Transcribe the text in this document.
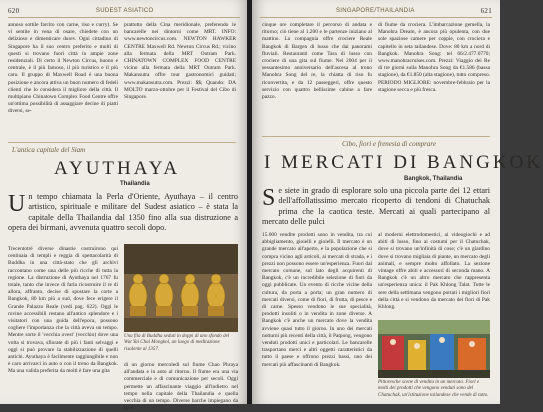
620	SUDEST ASIATICO

annoso sottile farcito con carne, riso e curry). Se vi sentite in vena di osare, chiedete con un delizioso e dimenticare durev. Ogni cittadino di Singapore ha il suo centro preferito e molti di questi si trovano fuori città in ampie zone residenziali. Di certo il Newton Circus, buono e centrale, è il più famoso, il più turistico e il più caro. Il gruppo di Maxwell Road è una buona posizione e ancora attiva un buon numero di fedeli clienti che lo considera il migliore della città. Il multipiano Chinatown Complex Food Centre offre un'ottima possibilità di assaggiare decine di piatti diversi, se-

prattutto della Cina meridionale, preferendo le bancarelle nei dintorni come MRT. INFO: www.newtoncircus.com. NEWTON HAWKER CENTRE Maxwell Rd. Newton Circus Rd.; vicino alla fermata della MRT Outram Park. CHINATOWN COMPLEX FOOD CENTRE vicino alla fermata della MRT Outram Park. Makansutra offre tour gastronomici guidati; www.makansutra.com. Prezzi: $$; Quando: DA MOLTO marzo-ottobre per il Festival del Cibo di Singapore.

L'antica capitale del Siam
AYUTHAYA
Thailandia
Un tempo chiamata la Perla d'Oriente, Ayuthaya – il centro artistico, spirituale e militare del Sudest asiatico – è stata la capitale della Thailandia dal 1350 fino alla sua distruzione a opera dei birmani, avvenuta quattro secoli dopo.

Trecentotré diverse dinastie costruirono qui centinaia di templi e reggia di spettacolarità di Buddha in una città-stato che gli archivi raccontano come una delle più ricche di tutta la regione. La distruzione di Ayuthaya nel 1767 fu totale, tanto che invece di farla ricostruire il re di allora, affranto, decise di spostare la corte a Bangkok, 80 km più a sud, dove fece erigere il Grande Palazzo Reale (vedi pag. 622). Oggi le rovine accessibili restano all'antico splendore e i visitatori con una guida dell'epoca, possono cogliere l'importanza che la città aveva un tempo. Mentre sorte il 'vecchia ovest' (vecchio) dove una volta si trovava, sfiorate di più i fanti selvaggi e oggi si può provare la stabilizzazione di quelli antichi. Ayuthaya è facilmente raggiungibile e non è caro arrivarci in auto o con il treno da Bangkok. Ma una valida preferita da molti è fare una gita

Una fila di Buddha seduti in doppi di uno sfondo del Wat Yai Chai Mongkol, un luogo di meditazione risalente al 1357.

di un giorno mercoledì sul fiume Chao Phraya all'andata e in auto al ritorno. Il fiume era una via commerciale e di comunicazione per secoli. Oggi permette un affascinante viaggio all'indietro nel tempo nella capitale della Thailandia e quella vecchia di un tempo. Diverse barche impiegano da tre a

SINGAPORE/THAILANDIA	621

cinque ore completare il percorso di andata e ritorno; ciò tiene al 1.200 e le partenze iniziano al mattino. La compagnia offre crociere Reale Bangkok di Bargen di lusso che dai panorami fluviali. Restauranti come Tara di lusso con crociere di una gita sul fiume. Nel 2004 per il sessantesimo anniversario dell'ascesa al trono Manohra Song del re, la chiatta di riso fu riconvertita, e da 12 passeggeri, offre questo servizio con quattro bellissime cabine a fare pazzo.

di fiume da crociera. L'imbarcazione gemella, la Manohra Dream, è ancora più opulenta, con due sole spaziose camere per coppie, con crociera e capitello in seta tailandese. Dove: 80 km a nord di Bangkok. Manohra Song: tel 66/2.477.0770; www.manohracruises.com. Prezzi: Viaggio dei Re di tre giorni sulla Manohra Song da €1.586 (bassa stagione), da €1.850 (alta stagione), tutto compreso. PERIODO MIGLIORE: novembre-febbraio per la stagione secca e più fresca.

Cibo, fiori e frenesia di comprare
I MERCATI DI BANGKOK
Bangkok, Thailandia
Se siete in grado di esplorare solo una piccola parte dei 12 ettari dell'affollatissimo mercato ricoperto di tendoni di Chatuchak prima che la caotica teste. Mercati ai quali partecipano al mercato delle pulci

15.000 vendite prodotti sono in vendita, tra cui abbigliamento, gioielli e gioielli. Il mercato è un grande mercato all'aperto, e la popolazione che si compra vicino agli articoli, ai mercati di strada, e i prezzi non possono essere un'esperienza. Fuori dal mercato comune, sul lato degli acquirenti di Bangkok, c'è un incredibile selezione di fiori da oggi pubblicate. Un evento di ricche vicine della cultura, da porta a porta; un gran numero di mercati diversi, come di fiori, di frutta, di pesce e di carne. Spesso vendono le sue specialità, prodotti insoliti o in vendita in zone diverse. A Bangkok c'è anche un mercato dove la vendita avviene quasi tutto il giorno. In uno dei mercati notturni più recenti della città, il Patpong, vengono venduti prodotti unici e particolari. Le bancarelle trasportano merci e altri oggetti caratteristici da tutto il paese e offrono prezzi bassi, uno dei mercati più affascinanti di Bangkok.

al moderni elettrodomestici, ai videogiochi e ad abiti di lusso, fino ai costumi per il Chatuchak, dove si trovano un'infinità di cose; c'è un giardino dove si trovano migliaia di piante, un mercato degli animali, e sempre molto affollato. La sezione vintage offre abiti e accessori di seconda mano. A Bangkok c'è un altro mercato che rappresenta un'esperienza unica: il Pak Khlong Talat. Tutte le sere della settimana vengono portati i migliori fiori della città e si vendono da mercato dei fiori di Pak Khlong.

Pittoresche scene di vendita in un mercato. Fiori e molti dei prodotti che vengono venduti sono del Chatuchak, un'istituzione tailandese che vende di tutto.
